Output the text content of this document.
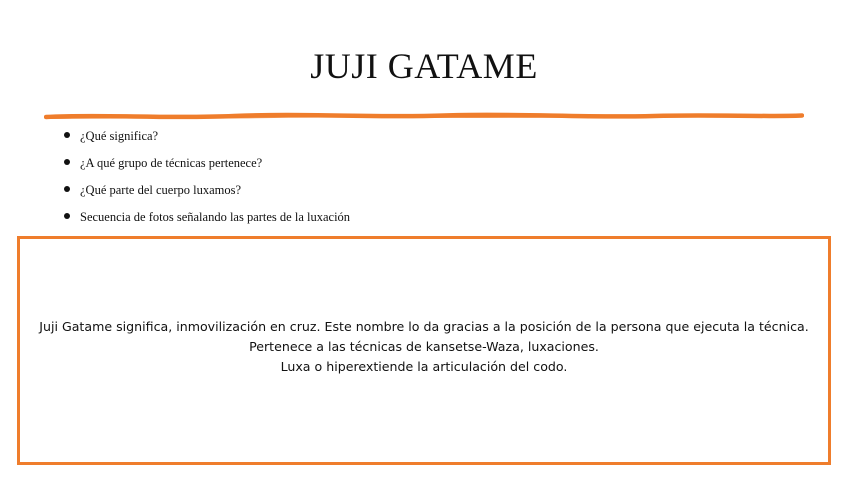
JUJI GATAME
¿Qué significa?
¿A qué grupo de técnicas pertenece?
¿Qué parte del cuerpo luxamos?
Secuencia de fotos señalando las partes de la luxación
Juji Gatame significa, inmovilización en cruz. Este nombre lo da gracias a la posición de la persona que ejecuta la técnica.
Pertenece a las técnicas de kansetse-Waza, luxaciones.
Luxa o hiperextiende la articulación del codo.
